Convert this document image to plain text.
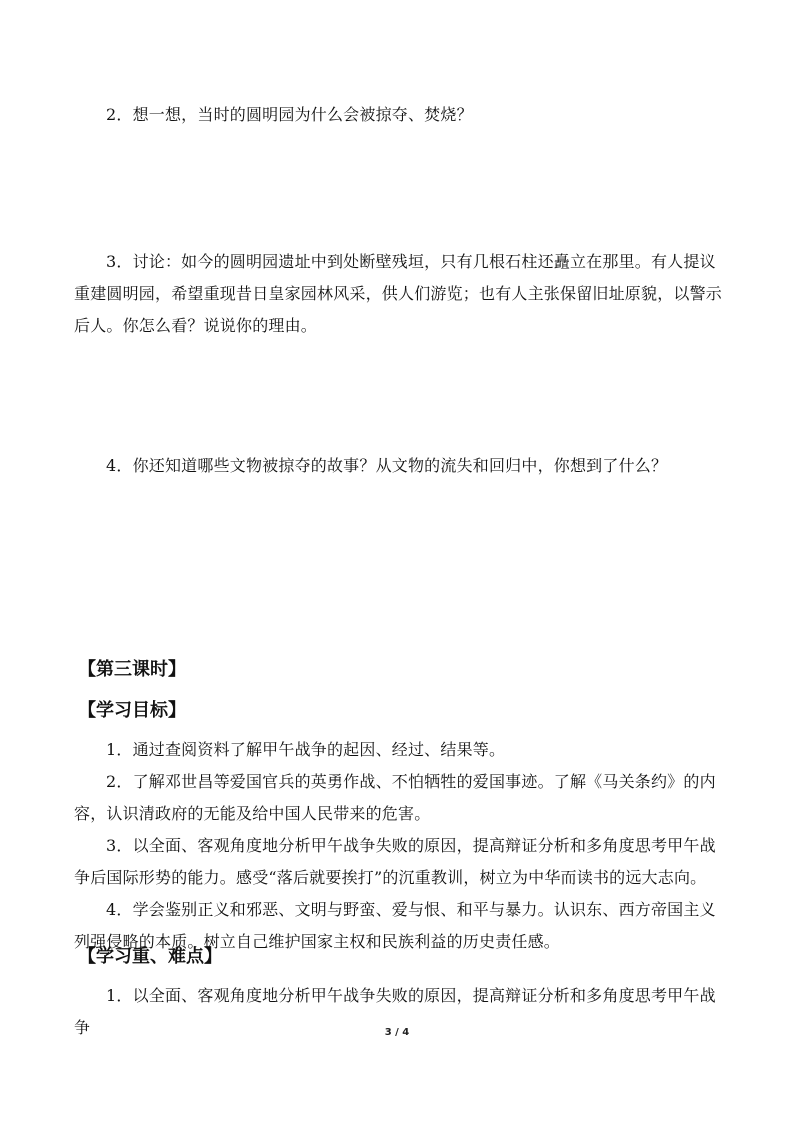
2．想一想，当时的圆明园为什么会被掠夺、焚烧？

3．讨论：如今的圆明园遗址中到处断壁残垣，只有几根石柱还矗立在那里。有人提议重建圆明园，希望重现昔日皇家园林风采，供人们游览；也有人主张保留旧址原貌，以警示后人。你怎么看？说说你的理由。

4．你还知道哪些文物被掠夺的故事？从文物的流失和回归中，你想到了什么？

【第三课时】
【学习目标】

1．通过查阅资料了解甲午战争的起因、经过、结果等。

2．了解邓世昌等爱国官兵的英勇作战、不怕牺牲的爱国事迹。了解《马关条约》的内容，认识清政府的无能及给中国人民带来的危害。

3．以全面、客观角度地分析甲午战争失败的原因，提高辩证分析和多角度思考甲午战争后国际形势的能力。感受“落后就要挨打”的沉重教训，树立为中华而读书的远大志向。

4．学会鉴别正义和邪恶、文明与野蛮、爱与恨、和平与暴力。认识东、西方帝国主义列强侵略的本质。树立自己维护国家主权和民族利益的历史责任感。

【学习重、难点】

1．以全面、客观角度地分析甲午战争失败的原因，提高辩证分析和多角度思考甲午战争	3 / 4
